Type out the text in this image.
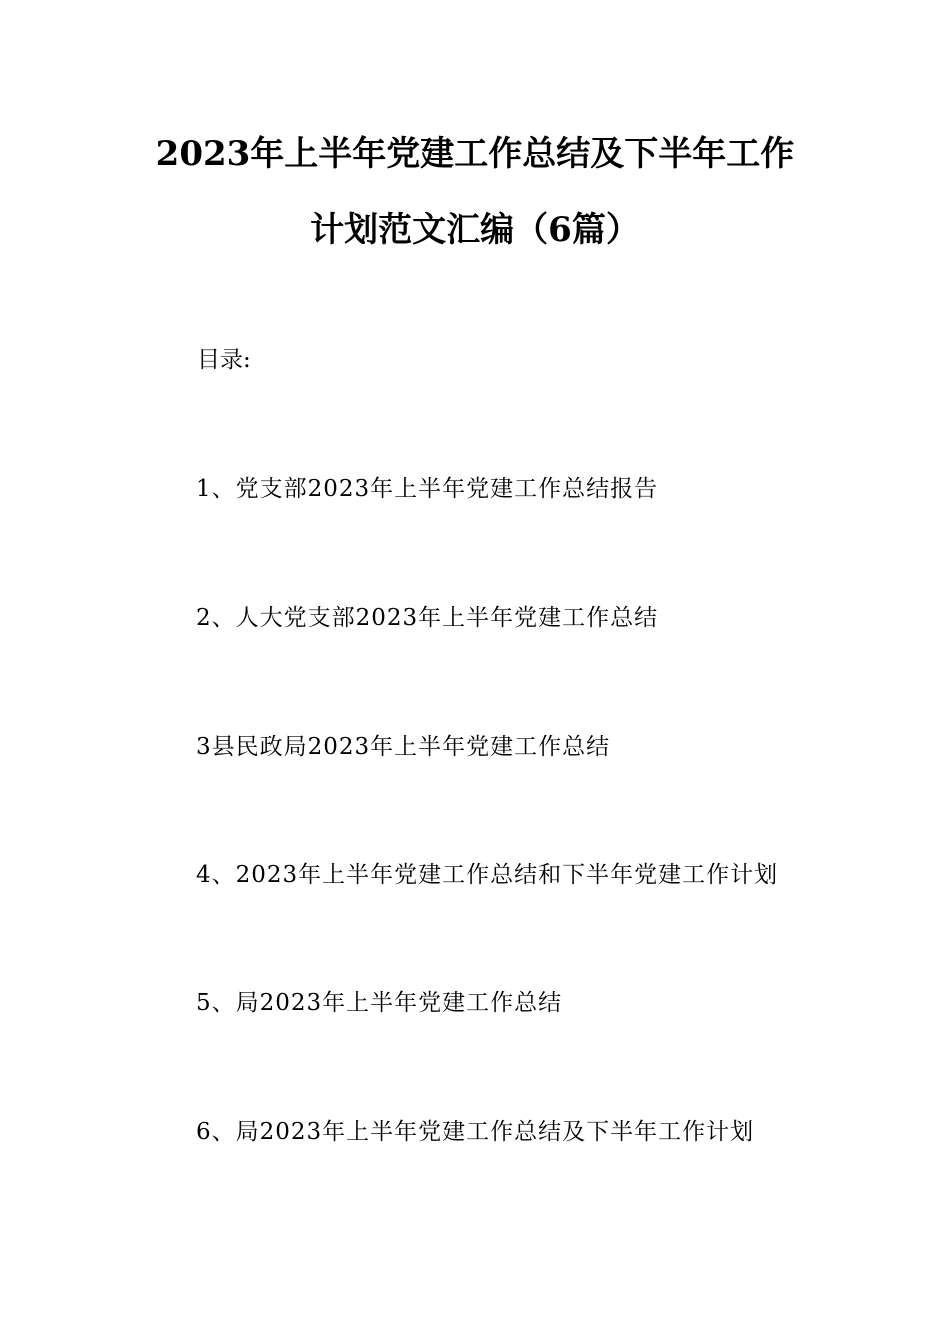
2023年上半年党建工作总结及下半年工作
计划范文汇编（6篇）
目录:
1、党支部2023年上半年党建工作总结报告
2、人大党支部2023年上半年党建工作总结
3县民政局2023年上半年党建工作总结
4、2023年上半年党建工作总结和下半年党建工作计划
5、局2023年上半年党建工作总结
6、局2023年上半年党建工作总结及下半年工作计划
